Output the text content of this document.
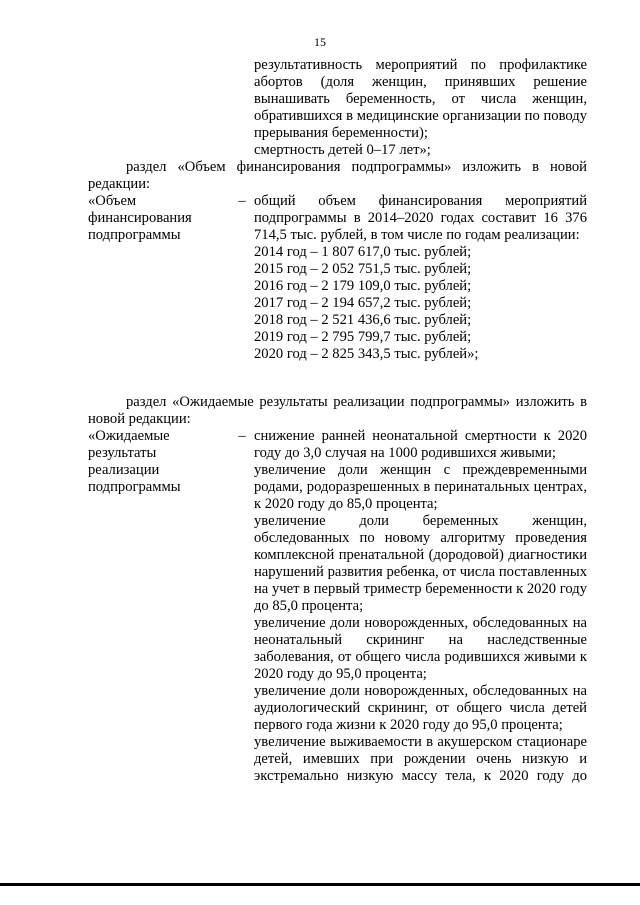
15

результативность мероприятий по профилактике абортов (доля женщин, принявших решение вынашивать беременность, от числа женщин, обратившихся в медицинские организации по поводу прерывания беременности);

смертность детей 0–17 лет»;

раздел «Объем финансирования подпрограммы» изложить в новой редакции:

«Объем финансирования подпрограммы
– общий объем финансирования мероприятий подпрограммы в 2014–2020 годах составит 16 376 714,5 тыс. рублей, в том числе по годам реализации:

2014 год – 1 807 617,0 тыс. рублей;

2015 год – 2 052 751,5 тыс. рублей;

2016 год – 2 179 109,0 тыс. рублей;

2017 год – 2 194 657,2 тыс. рублей;

2018 год – 2 521 436,6 тыс. рублей;

2019 год – 2 795 799,7 тыс. рублей;

2020 год – 2 825 343,5 тыс. рублей»;

раздел «Ожидаемые результаты реализации подпрограммы» изложить в новой редакции:

«Ожидаемые результаты реализации подпрограммы
– снижение ранней неонатальной смертности к 2020 году до 3,0 случая на 1000 родившихся живыми;

увеличение доли женщин с преждевременными родами, родоразрешенных в перинатальных центрах, к 2020 году до 85,0 процента;

увеличение доли беременных женщин, обследованных по новому алгоритму проведения комплексной пренатальной (дородовой) диагностики нарушений развития ребенка, от числа поставленных на учет в первый триместр беременности к 2020 году до 85,0 процента;

увеличение доли новорожденных, обследованных на неонатальный скрининг на наследственные заболевания, от общего числа родившихся живыми к 2020 году до 95,0 процента;

увеличение доли новорожденных, обследованных на аудиологический скрининг, от общего числа детей первого года жизни к 2020 году до 95,0 процента;

увеличение выживаемости в акушерском стационаре детей, имевших при рождении очень низкую и экстремально низкую массу тела, к 2020 году до
